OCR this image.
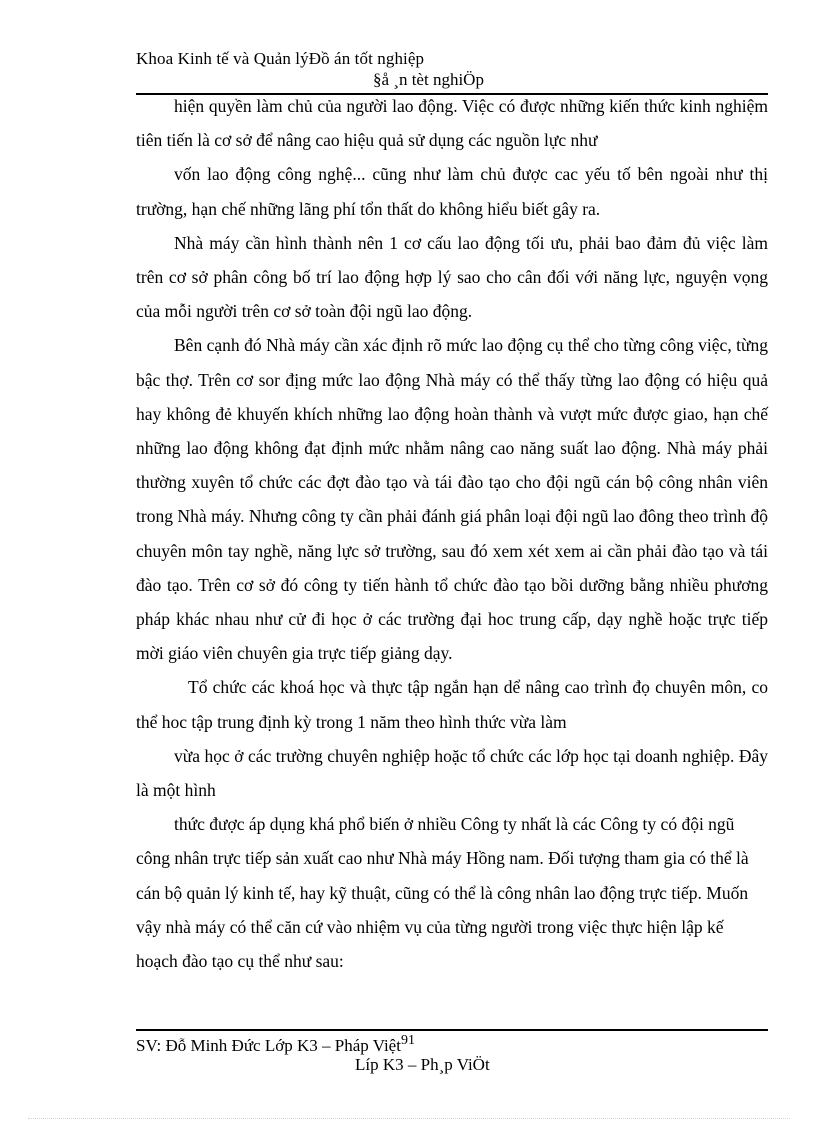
Khoa Kinh tế và Quản lýĐồ án tốt nghiệp
§å ¸n tèt nghiÖp

hiện quyền làm chủ của người lao động. Việc có được những kiến thức kinh nghiệm tiên tiến là cơ sở để nâng cao hiệu quả sử dụng các nguồn lực như

vốn lao động công nghệ... cũng như làm chủ được cac yếu tố bên ngoài như thị trường, hạn chế những lãng phí tổn thất do không hiểu biết gây ra.

Nhà máy cần hình thành nên 1 cơ cấu lao động tối ưu, phải bao đảm đủ việc làm trên cơ sở phân công bố trí lao động hợp lý sao cho cân đối với năng lực, nguyện vọng của mỗi người trên cơ sở toàn đội ngũ lao động.

Bên cạnh đó Nhà máy cần xác định rõ mức lao động cụ thể cho từng công việc, từng bậc thợ. Trên cơ sor địng mức lao động Nhà máy có thể thấy từng lao động có hiệu quả hay không đẻ khuyến khích những lao động hoàn thành và vượt mức được giao, hạn chế những lao động không đạt định mức nhằm nâng cao năng suất lao động. Nhà máy phải thường xuyên tổ chức các đợt đào tạo và tái đào tạo cho đội ngũ cán bộ công nhân viên trong Nhà máy. Nhưng công ty cần phải đánh giá phân loại đội ngũ lao đông theo trình độ chuyên môn tay nghề, năng lực sở trường, sau đó xem xét xem ai cần phải đào tạo và tái đào tạo. Trên cơ sở đó công ty tiến hành tổ chức đào tạo bồi dưỡng bằng nhiều phương pháp khác nhau như cử đi học ở các trường đại hoc trung cấp, dạy nghề hoặc trực tiếp mời giáo viên chuyên gia trực tiếp giảng dạy.

Tổ chức các khoá học và thực tập ngắn hạn dể nâng cao trình đọ chuyên môn, co thể hoc tập trung định kỳ trong 1 năm theo hình thức vừa làm

vừa học ở các trường chuyên nghiệp hoặc tổ chức các lớp học tại doanh nghiệp. Đây là một hình

thức được áp dụng khá phổ biến ở nhiều Công ty nhất là các Công ty có đội ngũ công nhân trực tiếp sản xuất cao như Nhà máy Hồng nam. Đối tượng tham gia có thể là cán bộ quản lý kinh tế, hay kỹ thuật, cũng có thể là công nhân lao động trực tiếp. Muốn vậy nhà máy có thể căn cứ vào nhiệm vụ của từng người trong việc thực hiện lập kế hoạch đào tạo cụ thể như sau:

SV: Đỗ Minh Đức Lớp K3 – Pháp Việt$^{91}$
Líp K3 – Ph¸p ViÖt
